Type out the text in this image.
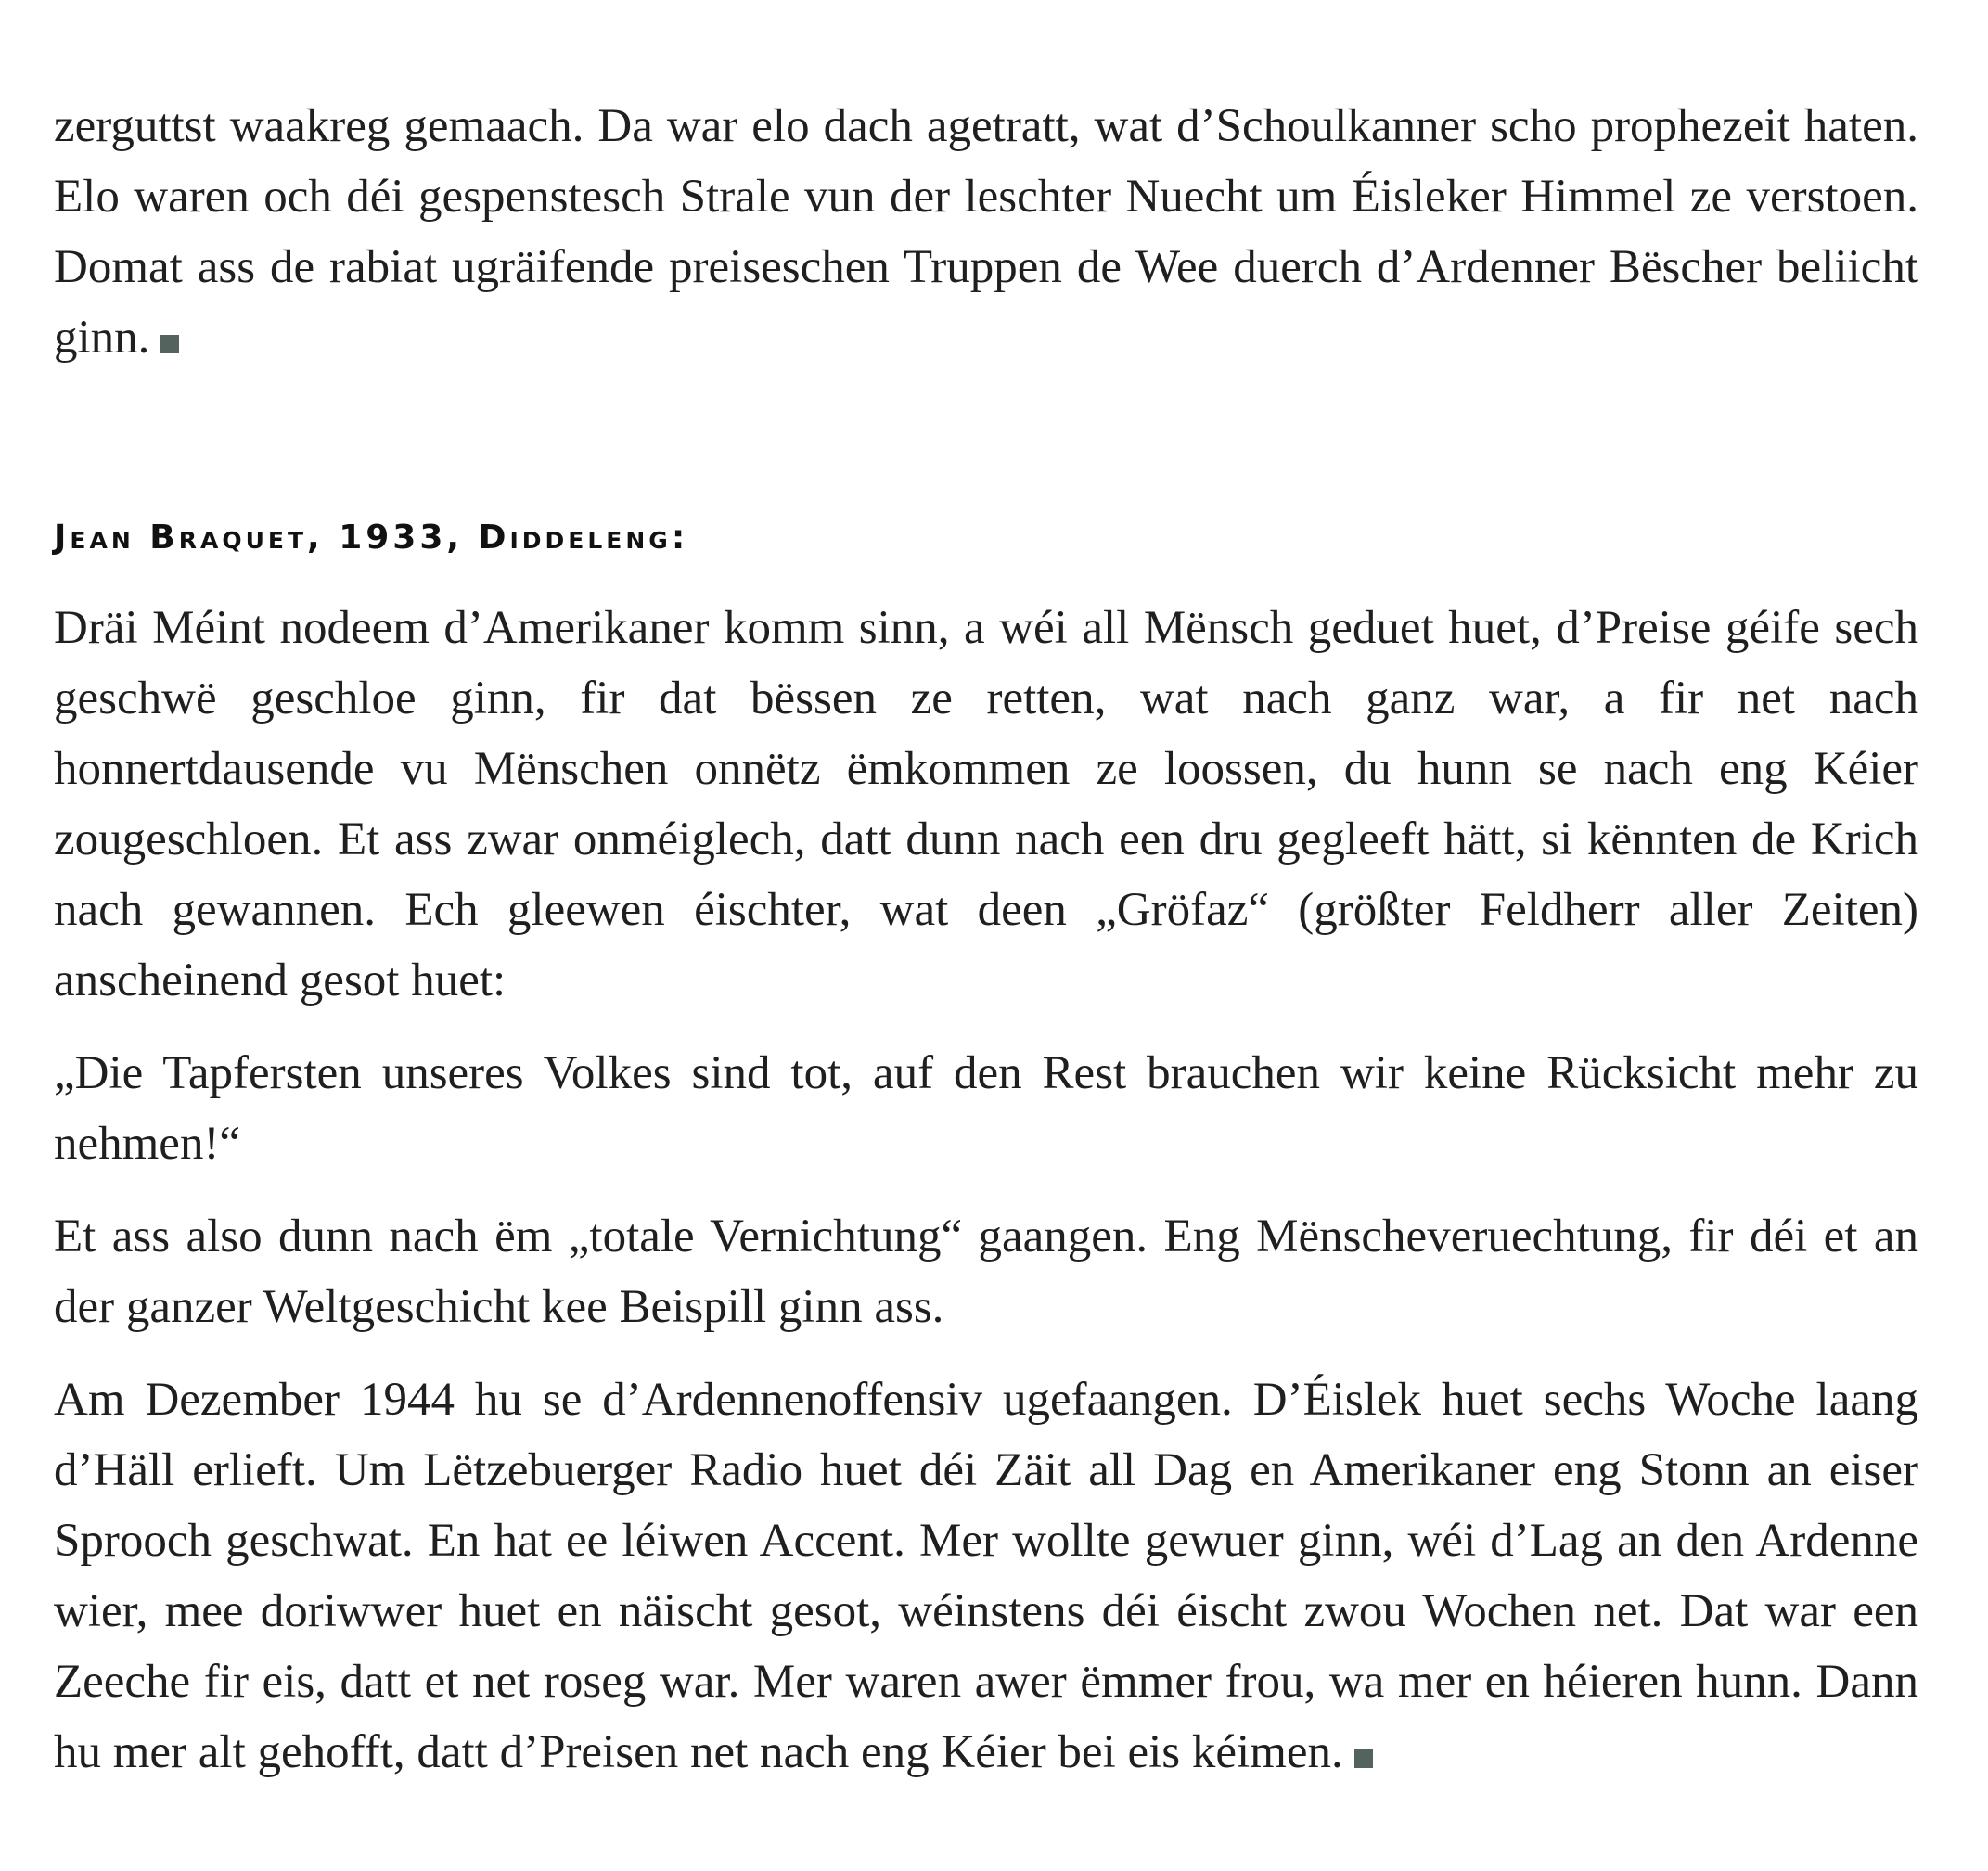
zerguttst waakreg gemaach. Da war elo dach agetratt, wat d’Schoulkanner scho prophezeit haten. Elo waren och déi gespenstesch Strale vun der leschter Nuecht um Éisleker Himmel ze verstoen. Domat ass de rabiat ugräifende preiseschen Truppen de Wee duerch d’Ardenner Bëscher beliicht ginn.

Jean Braquet, 1933, Diddeleng:

Dräi Méint nodeem d’Amerikaner komm sinn, a wéi all Mënsch geduet huet, d’Preise géife sech geschwë geschloe ginn, fir dat bëssen ze retten, wat nach ganz war, a fir net nach honnertdausende vu Mënschen onnëtz ëmkommen ze loossen, du hunn se nach eng Kéier zougeschloen. Et ass zwar onméiglech, datt dunn nach een dru gegleeft hätt, si kënnten de Krich nach gewannen. Ech gleewen éischter, wat deen „Gröfaz“ (größter Feldherr aller Zeiten) anscheinend gesot huet:

„Die Tapfersten unseres Volkes sind tot, auf den Rest brauchen wir keine Rücksicht mehr zu nehmen!“

Et ass also dunn nach ëm „totale Vernichtung“ gaangen. Eng Mënscheveruechtung, fir déi et an der ganzer Weltgeschicht kee Beispill ginn ass.

Am Dezember 1944 hu se d’Ardennenoffensiv ugefaangen. D’Éislek huet sechs Woche laang d’Häll erlieft. Um Lëtzebuerger Radio huet déi Zäit all Dag en Amerikaner eng Stonn an eiser Sprooch geschwat. En hat ee léiwen Accent. Mer wollte gewuer ginn, wéi d’Lag an den Ardenne wier, mee doriwwer huet en näischt gesot, wéinstens déi éischt zwou Wochen net. Dat war een Zeeche fir eis, datt et net roseg war. Mer waren awer ëmmer frou, wa mer en héieren hunn. Dann hu mer alt gehofft, datt d’Preisen net nach eng Kéier bei eis kéimen.
